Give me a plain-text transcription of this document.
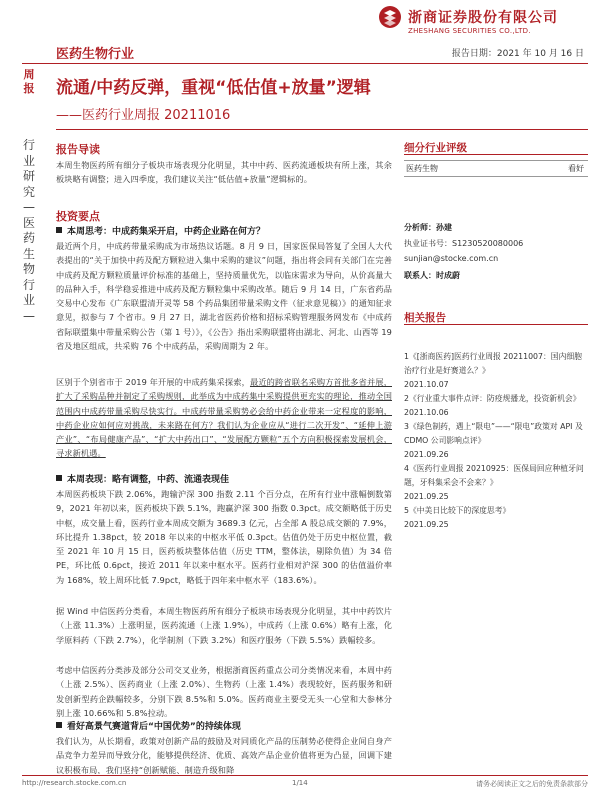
浙商证券股份有限公司
ZHESHANG SECURITIES CO.,LTD.
医药生物行业	报告日期：2021 年 10 月 16 日
周报
行业研究—医药生物行业—
流通/中药反弹，重视“低估值+放量”逻辑
——医药行业周报 20211016
报告导读
本周生物医药所有细分子板块市场表现分化明显，其中中药、医药流通板块有所上涨，其余板块略有调整；进入四季度，我们建议关注“低估值+放量”逻辑标的。
投资要点
本周思考：中成药集采开启，中药企业路在何方？
最近两个月，中成药带量采购成为市场热议话题。8 月 9 日，国家医保局答复了全国人大代表提出的“关于加快中药及配方颗粒进入集中采购的建议”问题，指出将会同有关部门在完善中成药及配方颗粒质量评价标准的基础上，坚持质量优先，以临床需求为导向，从价高量大的品种入手，科学稳妥推进中成药及配方颗粒集中采购改革。随后 9 月 14 日，广东省药品交易中心发布《广东联盟清开灵等 58 个药品集团带量采购文件（征求意见稿）》的通知征求意见，拟参与 7 个省市。9 月 27 日，湖北省医药价格和招标采购管理服务网发布《中成药省际联盟集中带量采购公告（第 1 号）》，《公告》指出采购联盟将由湖北、河北、山西等 19 省及地区组成，共采购 76 个中成药品，采购周期为 2 年。
区别于个别省市于 2019 年开展的中成药集采探索，最近的跨省联名采购方首批多省并展，扩大了采购品种并制定了采购规则，此举成为中成药集中采购提供更充实的理论，推动全国范围内中成药带量采购尽快实行。中成药带量采购势必会给中药企业带来一定程度的影响，中药企业应如何应对挑战，未来路在何方？我们认为企业应从“进行二次开发”、“延伸上游产业”、“布局健康产品”、“扩大中药出口”、“发展配方颗粒”五个方向积极探索发展机会，寻求新机遇。
本周表现：略有调整，中药、流通表现佳
本周医药板块下跌 2.06%，跑输沪深 300 指数 2.11 个百分点，在所有行业中涨幅倒数第 9，2021 年初以来，医药板块下跌 5.1%，跑赢沪深 300 指数 0.3pct。成交额略低于历史中枢，成交量上看，医药行业本周成交额为 3689.3 亿元，占全部 A 股总成交额的 7.9%，环比提升 1.38pct，较 2018 年以来的中枢水平低 0.3pct。估值仍处于历史中枢位置，截至 2021 年 10 月 15 日，医药板块整体估值（历史 TTM，整体法，剔除负值）为 34 倍 PE，环比低 0.6pct，接近 2011 年以来中枢水平。医药行业相对沪深 300 的估值溢价率为 168%，较上周环比低 7.9pct，略低于四年来中枢水平（183.6%）。
据 Wind 中信医药分类看，本周生物医药所有细分子板块市场表现分化明显，其中中药饮片（上涨 11.3%）上涨明显，医药流通（上涨 1.9%），中成药（上涨 0.6%）略有上涨，化学原料药（下跌 2.7%），化学制剂（下跌 3.2%）和医疗服务（下跌 5.5%）跌幅较多。
考虑中信医药分类涉及部分公司交叉业务，根据浙商医药重点公司分类情况来看，本周中药（上涨 2.5%）、医药商业（上涨 2.0%）、生物药（上涨 1.4%）表现较好，医药服务和研发创新型药企跌幅较多，分别下跌 8.5%和 5.0%。医药商业主要受无头一心堂和大参林分别上涨 10.66%和 5.8%拉动。
看好高景气赛道背后“中国优势”的持续体现
我们认为，从长期看，政策对创新产品的鼓励及对同质化产品的压制势必使得企业间自身产品竞争力差异而导致分化，能够提供经济、优质、高效产品企业价值将更为凸显，回调下建议积极布局，我们坚持“创新赋能、制造升级和降
细分行业评级
医药生物	看好
分析师：孙建
执业证书号：S1230520080006
sunjian@stocke.com.cn
联系人：时成蔚
相关报告
1《[浙商医药]医药行业周报 20211007：国内细胞治疗行业是好赛道么？》
2021.10.07
2《行业重大事件点评：防疫规播龙，投资新机会》2021.10.06
3《绿色制药，遇上“限电”——“限电”政策对 API 及 CDMO 公司影响点评》
2021.09.26
4《医药行业周报 20210925：医保局回应种植牙问题，牙科集采会不会来？》
2021.09.25
5《中美日比较下的深度思考》
2021.09.25
http://research.stocke.com.cn	1/14	请务必阅读正文之后的免责条款部分
